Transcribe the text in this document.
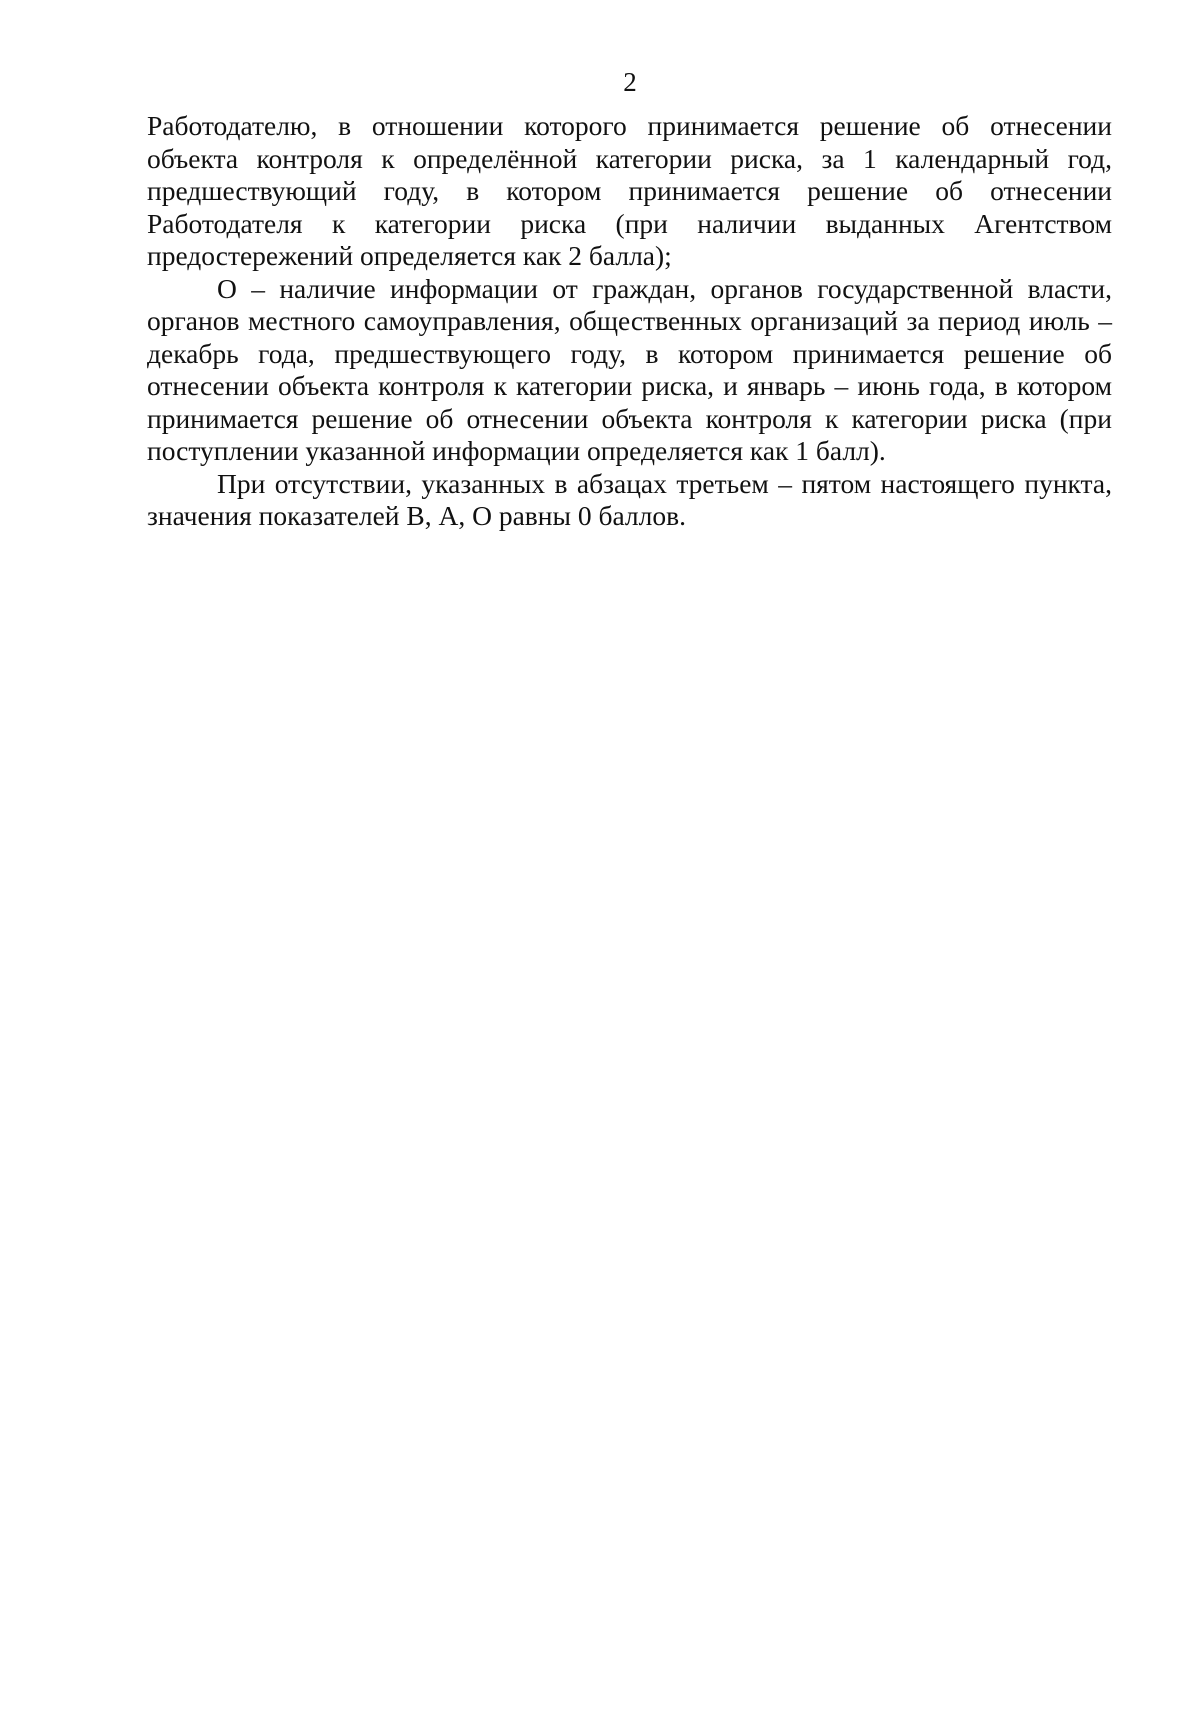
2

Работодателю, в отношении которого принимается решение об отнесении объекта контроля к определённой категории риска, за 1 календарный год, предшествующий году, в котором принимается решение об отнесении Работодателя к категории риска (при наличии выданных Агентством предостережений определяется как 2 балла);

О – наличие информации от граждан, органов государственной власти, органов местного самоуправления, общественных организаций за период июль – декабрь года, предшествующего году, в котором принимается решение об отнесении объекта контроля к категории риска, и январь – июнь года, в котором принимается решение об отнесении объекта контроля к категории риска (при поступлении указанной информации определяется как 1 балл).

При отсутствии, указанных в абзацах третьем – пятом настоящего пункта, значения показателей В, А, О равны 0 баллов.
